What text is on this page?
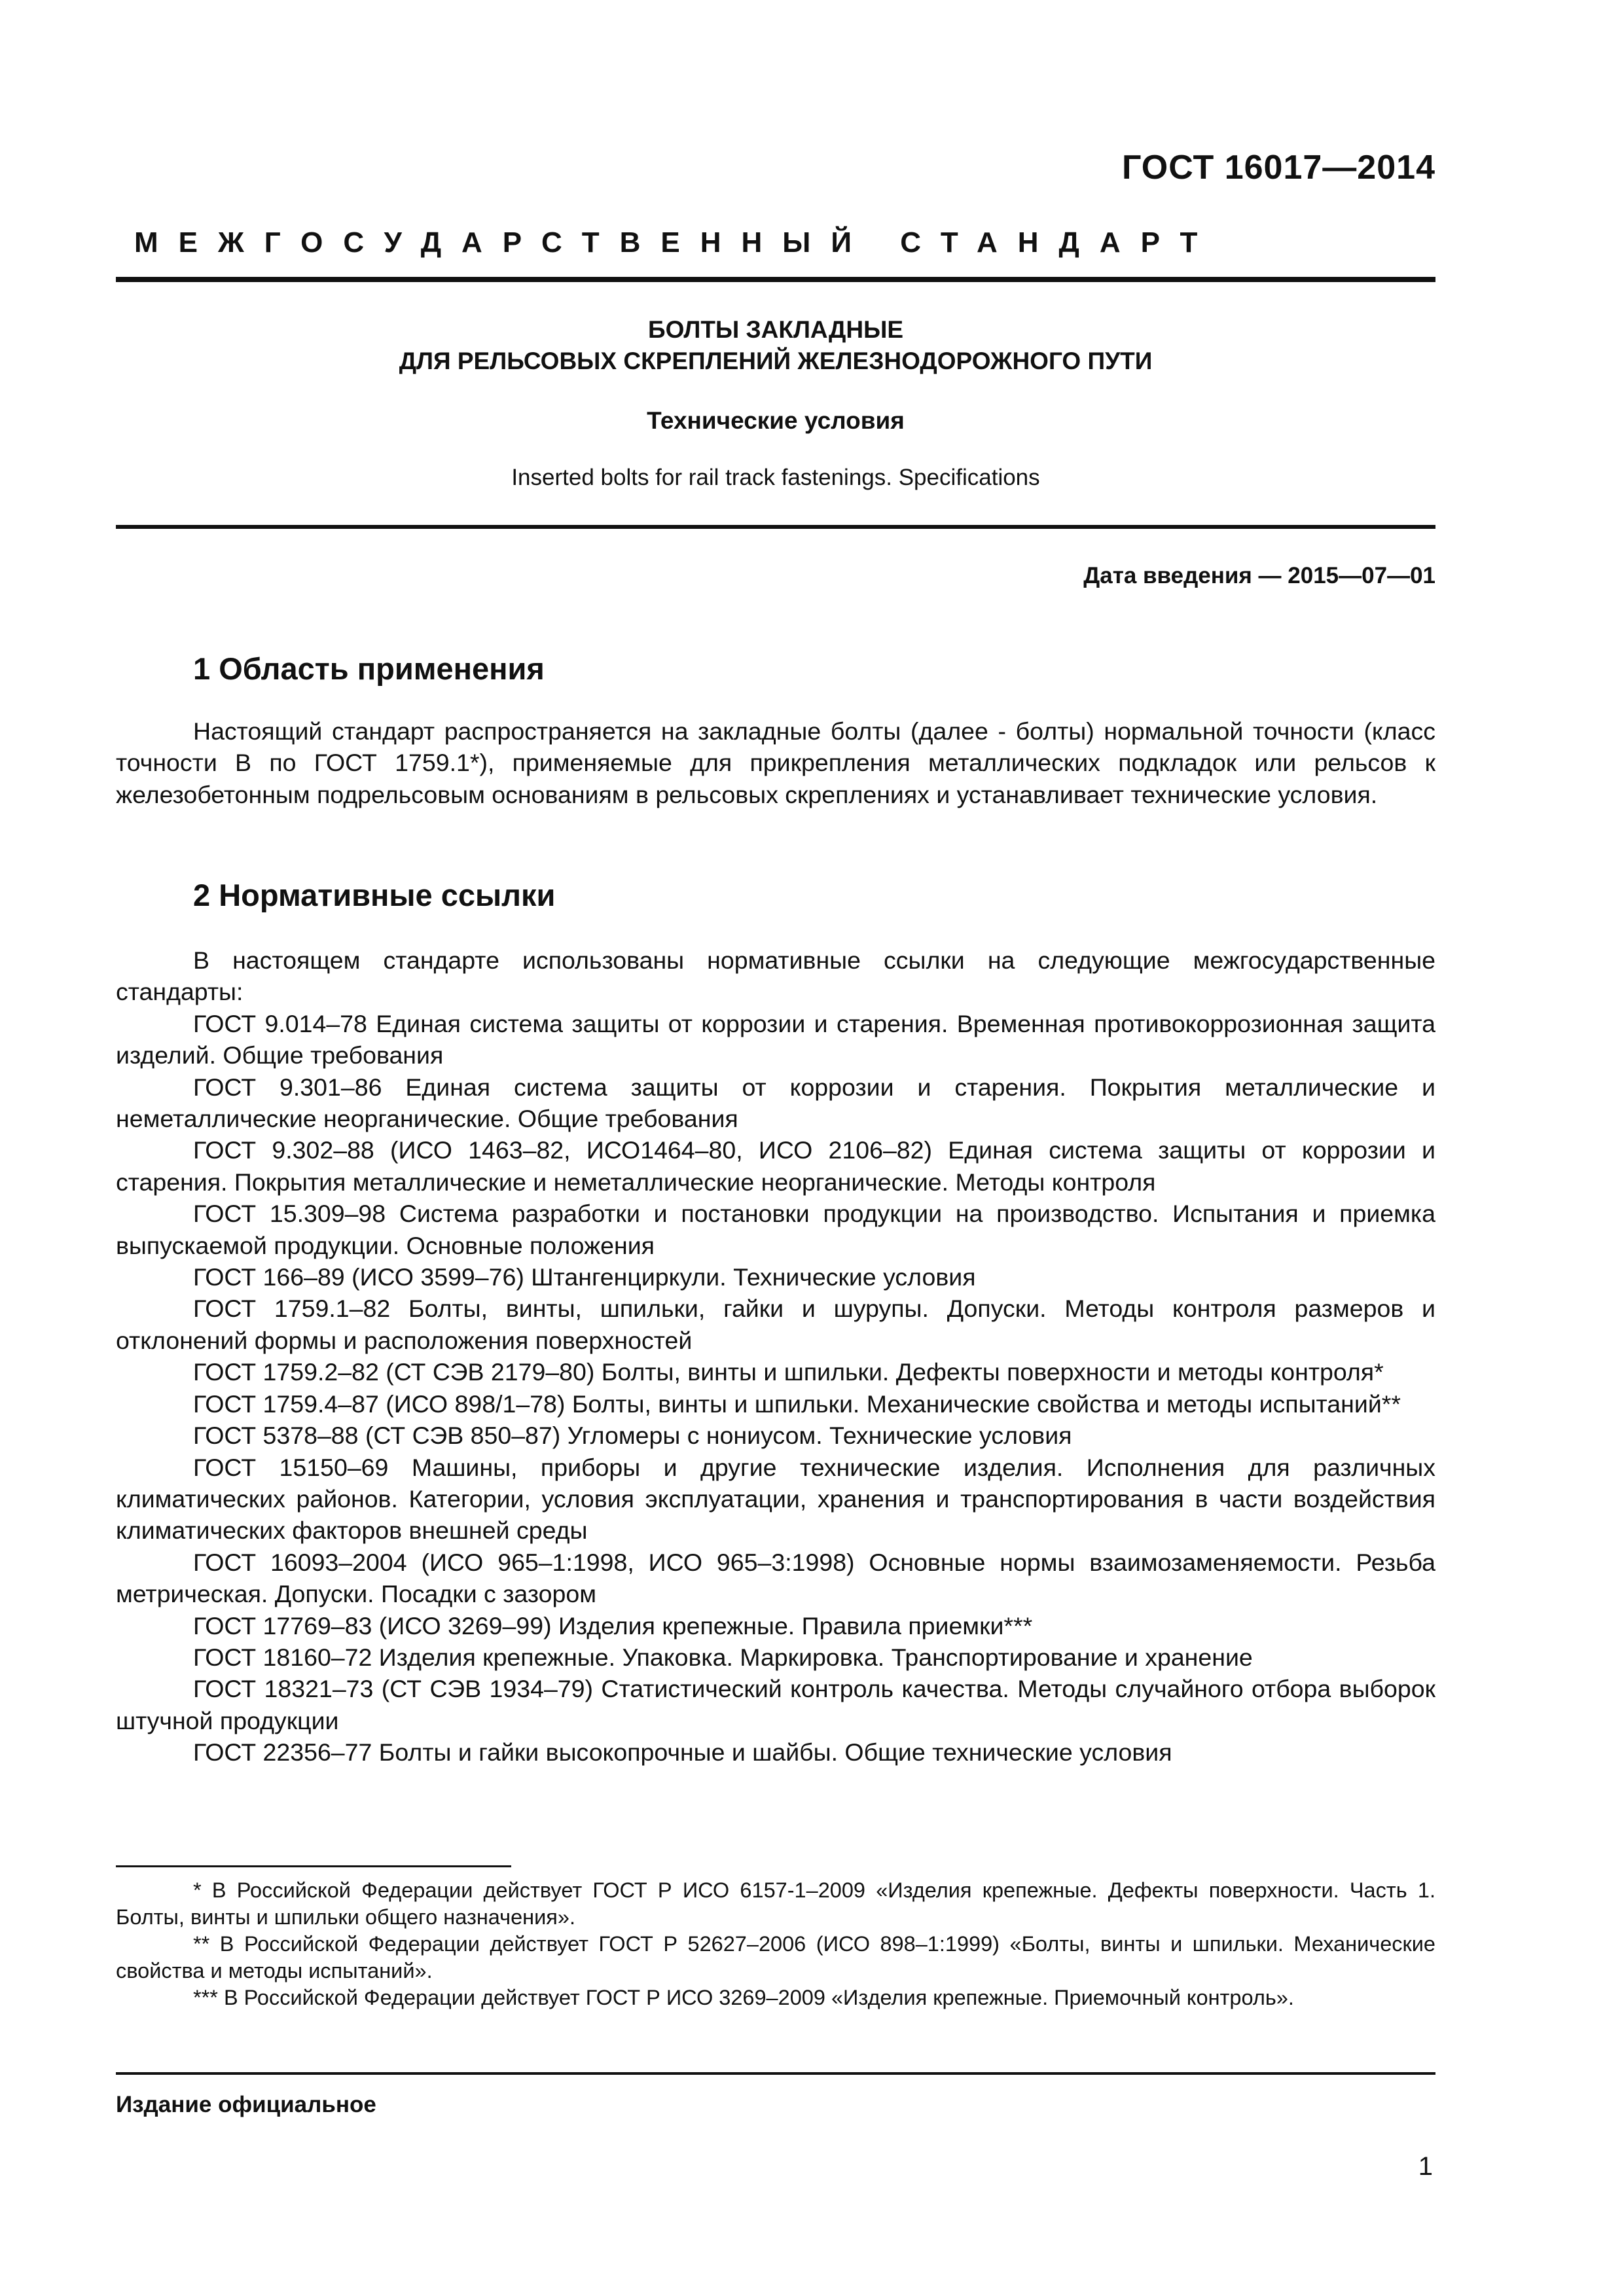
ГОСТ 16017—2014
МЕЖГОСУДАРСТВЕННЫЙ СТАНДАРТ
БОЛТЫ ЗАКЛАДНЫЕ
ДЛЯ РЕЛЬСОВЫХ СКРЕПЛЕНИЙ ЖЕЛЕЗНОДОРОЖНОГО ПУТИ
Технические условия
Inserted bolts for rail track fastenings. Specifications
Дата введения — 2015—07—01
1 Область применения

Настоящий стандарт распространяется на закладные болты (далее - болты) нормальной точности (класс точности В по ГОСТ 1759.1*), применяемые для прикрепления металлических подкладок или рельсов к железобетонным подрельсовым основаниям в рельсовых скреплениях и устанавливает технические условия.

2 Нормативные ссылки

В настоящем стандарте использованы нормативные ссылки на следующие межгосударственные стандарты:

ГОСТ 9.014–78 Единая система защиты от коррозии и старения. Временная противокоррозионная защита изделий. Общие требования

ГОСТ 9.301–86 Единая система защиты от коррозии и старения. Покрытия металлические и неметаллические неорганические. Общие требования

ГОСТ 9.302–88 (ИСО 1463–82, ИСО1464–80, ИСО 2106–82) Единая система защиты от коррозии и старения. Покрытия металлические и неметаллические неорганические. Методы контроля

ГОСТ 15.309–98 Система разработки и постановки продукции на производство. Испытания и приемка выпускаемой продукции. Основные положения

ГОСТ 166–89 (ИСО 3599–76) Штангенциркули. Технические условия

ГОСТ 1759.1–82 Болты, винты, шпильки, гайки и шурупы. Допуски. Методы контроля размеров и отклонений формы и расположения поверхностей

ГОСТ 1759.2–82 (СТ СЭВ 2179–80) Болты, винты и шпильки. Дефекты поверхности и методы контроля*

ГОСТ 1759.4–87 (ИСО 898/1–78) Болты, винты и шпильки. Механические свойства и методы испытаний**

ГОСТ 5378–88 (СТ СЭВ 850–87) Угломеры с нониусом. Технические условия

ГОСТ 15150–69 Машины, приборы и другие технические изделия. Исполнения для различных климатических районов. Категории, условия эксплуатации, хранения и транспортирования в части воздействия климатических факторов внешней среды

ГОСТ 16093–2004 (ИСО 965–1:1998, ИСО 965–3:1998) Основные нормы взаимозаменяемости. Резьба метрическая. Допуски. Посадки с зазором

ГОСТ 17769–83 (ИСО 3269–99) Изделия крепежные. Правила приемки***

ГОСТ 18160–72 Изделия крепежные. Упаковка. Маркировка. Транспортирование и хранение

ГОСТ 18321–73 (СТ СЭВ 1934–79) Статистический контроль качества. Методы случайного отбора выборок штучной продукции

ГОСТ 22356–77 Болты и гайки высокопрочные и шайбы. Общие технические условия

* В Российской Федерации действует ГОСТ Р ИСО 6157-1–2009 «Изделия крепежные. Дефекты поверхности. Часть 1. Болты, винты и шпильки общего назначения».

** В Российской Федерации действует ГОСТ Р 52627–2006 (ИСО 898–1:1999) «Болты, винты и шпильки. Механические свойства и методы испытаний».

*** В Российской Федерации действует ГОСТ Р ИСО 3269–2009 «Изделия крепежные. Приемочный контроль».

Издание официальное
1
